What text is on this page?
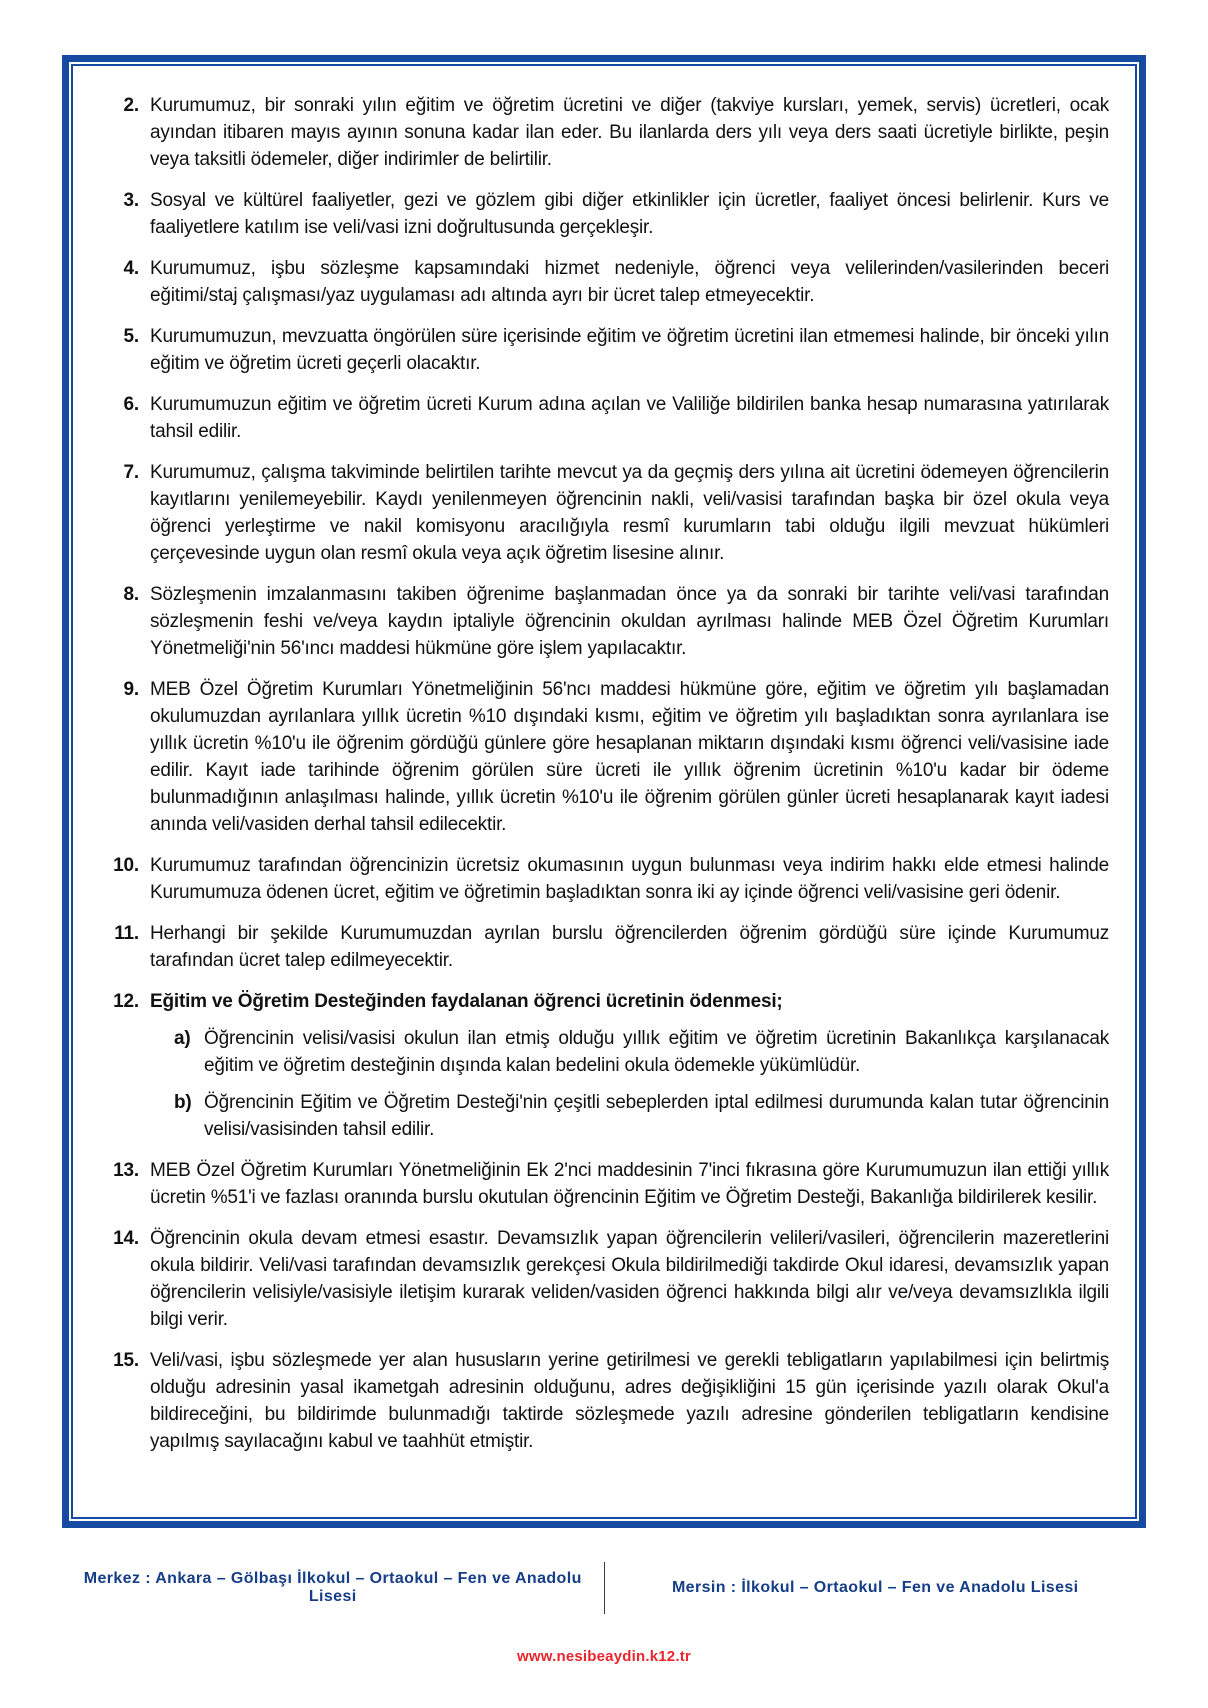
2. Kurumumuz, bir sonraki yılın eğitim ve öğretim ücretini ve diğer (takviye kursları, yemek, servis) ücretleri, ocak ayından itibaren mayıs ayının sonuna kadar ilan eder. Bu ilanlarda ders yılı veya ders saati ücretiyle birlikte, peşin veya taksitli ödemeler, diğer indirimler de belirtilir.
3. Sosyal ve kültürel faaliyetler, gezi ve gözlem gibi diğer etkinlikler için ücretler, faaliyet öncesi belirlenir. Kurs ve faaliyetlere katılım ise veli/vasi izni doğrultusunda gerçekleşir.
4. Kurumumuz, işbu sözleşme kapsamındaki hizmet nedeniyle, öğrenci veya velilerinden/vasilerinden beceri eğitimi/staj çalışması/yaz uygulaması adı altında ayrı bir ücret talep etmeyecektir.
5. Kurumumuzun, mevzuatta öngörülen süre içerisinde eğitim ve öğretim ücretini ilan etmemesi halinde, bir önceki yılın eğitim ve öğretim ücreti geçerli olacaktır.
6. Kurumumuzun eğitim ve öğretim ücreti Kurum adına açılan ve Valiliğe bildirilen banka hesap numarasına yatırılarak tahsil edilir.
7. Kurumumuz, çalışma takviminde belirtilen tarihte mevcut ya da geçmiş ders yılına ait ücretini ödemeyen öğrencilerin kayıtlarını yenilemeyebilir. Kaydı yenilenmeyen öğrencinin nakli, veli/vasisi tarafından başka bir özel okula veya öğrenci yerleştirme ve nakil komisyonu aracılığıyla resmî kurumların tabi olduğu ilgili mevzuat hükümleri çerçevesinde uygun olan resmî okula veya açık öğretim lisesine alınır.
8. Sözleşmenin imzalanmasını takiben öğrenime başlanmadan önce ya da sonraki bir tarihte veli/vasi tarafından sözleşmenin feshi ve/veya kaydın iptaliyle öğrencinin okuldan ayrılması halinde MEB Özel Öğretim Kurumları Yönetmeliği'nin 56'ıncı maddesi hükmüne göre işlem yapılacaktır.
9. MEB Özel Öğretim Kurumları Yönetmeliğinin 56'ncı maddesi hükmüne göre, eğitim ve öğretim yılı başlamadan okulumuzdan ayrılanlara yıllık ücretin %10 dışındaki kısmı, eğitim ve öğretim yılı başladıktan sonra ayrılanlara ise yıllık ücretin %10'u ile öğrenim gördüğü günlere göre hesaplanan miktarın dışındaki kısmı öğrenci veli/vasisine iade edilir. Kayıt iade tarihinde öğrenim görülen süre ücreti ile yıllık öğrenim ücretinin %10'u kadar bir ödeme bulunmadığının anlaşılması halinde, yıllık ücretin %10'u ile öğrenim görülen günler ücreti hesaplanarak kayıt iadesi anında veli/vasiden derhal tahsil edilecektir.
10. Kurumumuz tarafından öğrencinizin ücretsiz okumasının uygun bulunması veya indirim hakkı elde etmesi halinde Kurumumuza ödenen ücret, eğitim ve öğretimin başladıktan sonra iki ay içinde öğrenci veli/vasisine geri ödenir.
11. Herhangi bir şekilde Kurumumuzdan ayrılan burslu öğrencilerden öğrenim gördüğü süre içinde Kurumumuz tarafından ücret talep edilmeyecektir.
12. Eğitim ve Öğretim Desteğinden faydalanan öğrenci ücretinin ödenmesi;
a) Öğrencinin velisi/vasisi okulun ilan etmiş olduğu yıllık eğitim ve öğretim ücretinin Bakanlıkça karşılanacak eğitim ve öğretim desteğinin dışında kalan bedelini okula ödemekle yükümlüdür.
b) Öğrencinin Eğitim ve Öğretim Desteği'nin çeşitli sebeplerden iptal edilmesi durumunda kalan tutar öğrencinin velisi/vasisinden tahsil edilir.
13. MEB Özel Öğretim Kurumları Yönetmeliğinin Ek 2'nci maddesinin 7'inci fıkrasına göre Kurumumuzun ilan ettiği yıllık ücretin %51'i ve fazlası oranında burslu okutulan öğrencinin Eğitim ve Öğretim Desteği, Bakanlığa bildirilerek kesilir.
14. Öğrencinin okula devam etmesi esastır. Devamsızlık yapan öğrencilerin velileri/vasileri, öğrencilerin mazeretlerini okula bildirir. Veli/vasi tarafından devamsızlık gerekçesi Okula bildirilmediği takdirde Okul idaresi, devamsızlık yapan öğrencilerin velisiyle/vasisiyle iletişim kurarak veliden/vasiden öğrenci hakkında bilgi alır ve/veya devamsızlıkla ilgili bilgi verir.
15. Veli/vasi, işbu sözleşmede yer alan hususların yerine getirilmesi ve gerekli tebligatların yapılabilmesi için belirtmiş olduğu adresinin yasal ikametgah adresinin olduğunu, adres değişikliğini 15 gün içerisinde yazılı olarak Okul'a bildireceğini, bu bildirimde bulunmadığı taktirde sözleşmede yazılı adresine gönderilen tebligatların kendisine yapılmış sayılacağını kabul ve taahhüt etmiştir.
Merkez : Ankara – Gölbaşı İlkokul – Ortaokul – Fen ve Anadolu Lisesi
Mersin : İlkokul – Ortaokul – Fen ve Anadolu Lisesi
www.nesibeaydin.k12.tr
